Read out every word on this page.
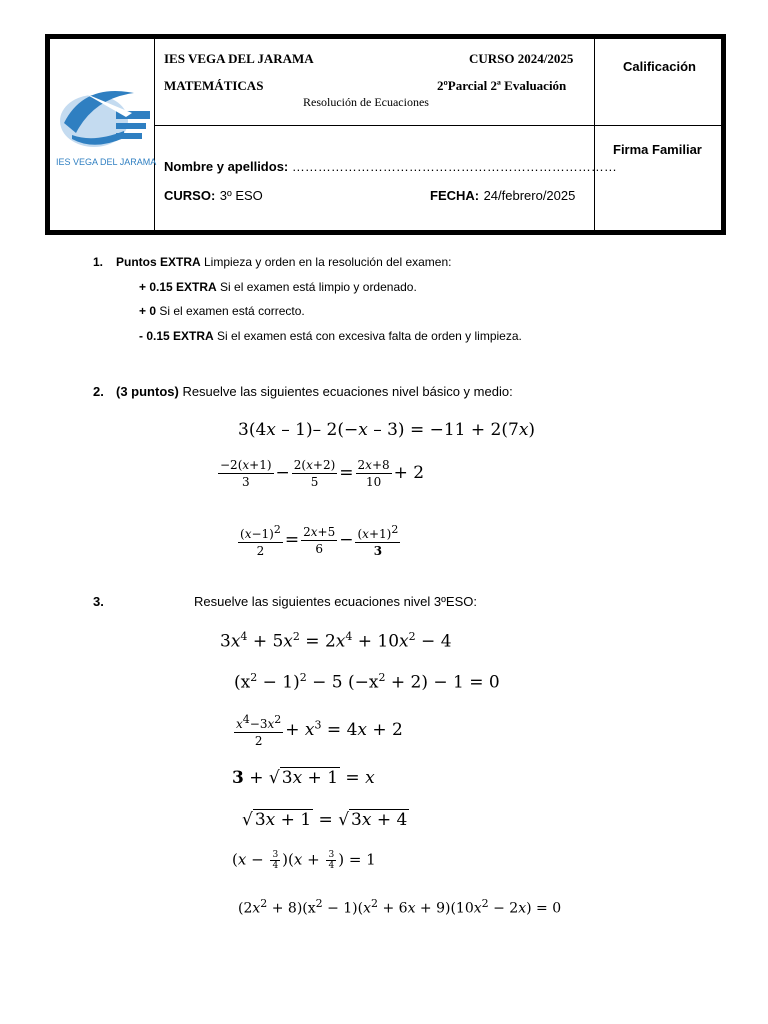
IES VEGA DEL JARAMA
IES VEGA DEL JARAMA	CURSO 2024/2025
MATEMÁTICAS	2ºParcial 2ª Evaluación
Resolución de Ecuaciones
Calificación
Firma Familiar
Nombre y apellidos: …………………………………………………………………
CURSO: 3º ESO	FECHA: 24/febrero/2025
1. Puntos EXTRA Limpieza y orden en la resolución del examen:
+ 0.15 EXTRA Si el examen está limpio y ordenado.
+ 0 Si el examen está correcto.
- 0.15 EXTRA Si el examen está con excesiva falta de orden y limpieza.
2. (3 puntos) Resuelve las siguientes ecuaciones nivel básico y medio:
3(4x – 1)– 2(−x – 3) = −11 + 2(7x)
$\frac{-2(x+1)}{3} - \frac{2(x+2)}{5} = \frac{2x+8}{10} + 2$
$\frac{(x-1)2}{2} = \frac{2x+5}{6} - \frac{(x+1)2}{3}$
3.	Resuelve las siguientes ecuaciones nivel 3ºESO:
$3x^4 + 5x^2 = 2x^4 + 10x^2 - 4$
$(x^2 - 1)^2 - 5$ $(-x^2 + 2) - 1 = 0$
$\frac{x4-3x2}{2} + x^3 = 4x + 2$
3 + √ 3x + 1 = x
√ 3x + 1 = √ 3x + 4
$(x - \frac{3}{4} )(x + \frac{3}{4}$ ) = 1
$(2x^2 + 8)(x^2 - 1)(x^2 + 6x + 9)(10x^2 - 2x) = 0$
